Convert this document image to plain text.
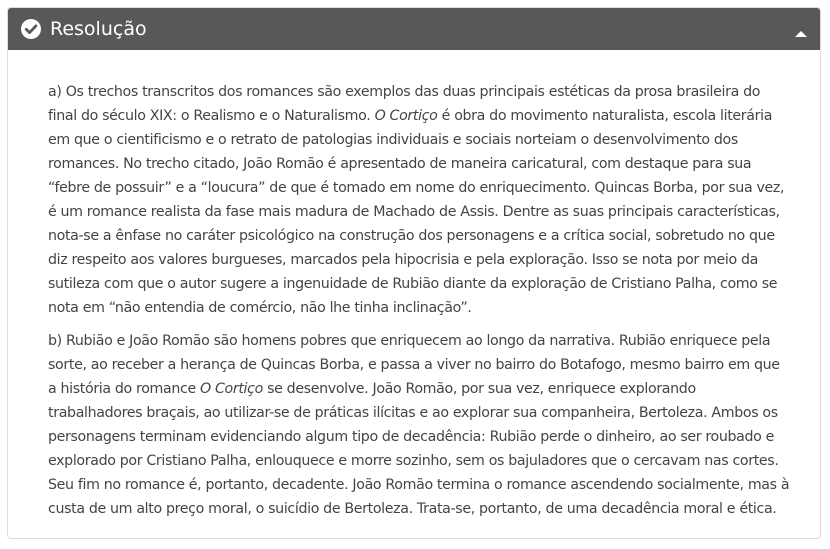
Resolução

a) Os trechos transcritos dos romances são exemplos das duas principais estéticas da prosa brasileira do final do século XIX: o Realismo e o Naturalismo. O Cortiço é obra do movimento naturalista, escola literária em que o cientificismo e o retrato de patologias individuais e sociais norteiam o desenvolvimento dos romances. No trecho citado, João Romão é apresentado de maneira caricatural, com destaque para sua “febre de possuir” e a “loucura” de que é tomado em nome do enriquecimento. Quincas Borba, por sua vez, é um romance realista da fase mais madura de Machado de Assis. Dentre as suas principais características, nota-se a ênfase no caráter psicológico na construção dos personagens e a crítica social, sobretudo no que diz respeito aos valores burgueses, marcados pela hipocrisia e pela exploração. Isso se nota por meio da sutileza com que o autor sugere a ingenuidade de Rubião diante da exploração de Cristiano Palha, como se nota em “não entendia de comércio, não lhe tinha inclinação”.

b) Rubião e João Romão são homens pobres que enriquecem ao longo da narrativa. Rubião enriquece pela sorte, ao receber a herança de Quincas Borba, e passa a viver no bairro do Botafogo, mesmo bairro em que a história do romance O Cortiço se desenvolve. João Romão, por sua vez, enriquece explorando trabalhadores braçais, ao utilizar-se de práticas ilícitas e ao explorar sua companheira, Bertoleza. Ambos os personagens terminam evidenciando algum tipo de decadência: Rubião perde o dinheiro, ao ser roubado e explorado por Cristiano Palha, enlouquece e morre sozinho, sem os bajuladores que o cercavam nas cortes. Seu fim no romance é, portanto, decadente. João Romão termina o romance ascendendo socialmente, mas à custa de um alto preço moral, o suicídio de Bertoleza. Trata-se, portanto, de uma decadência moral e ética.
